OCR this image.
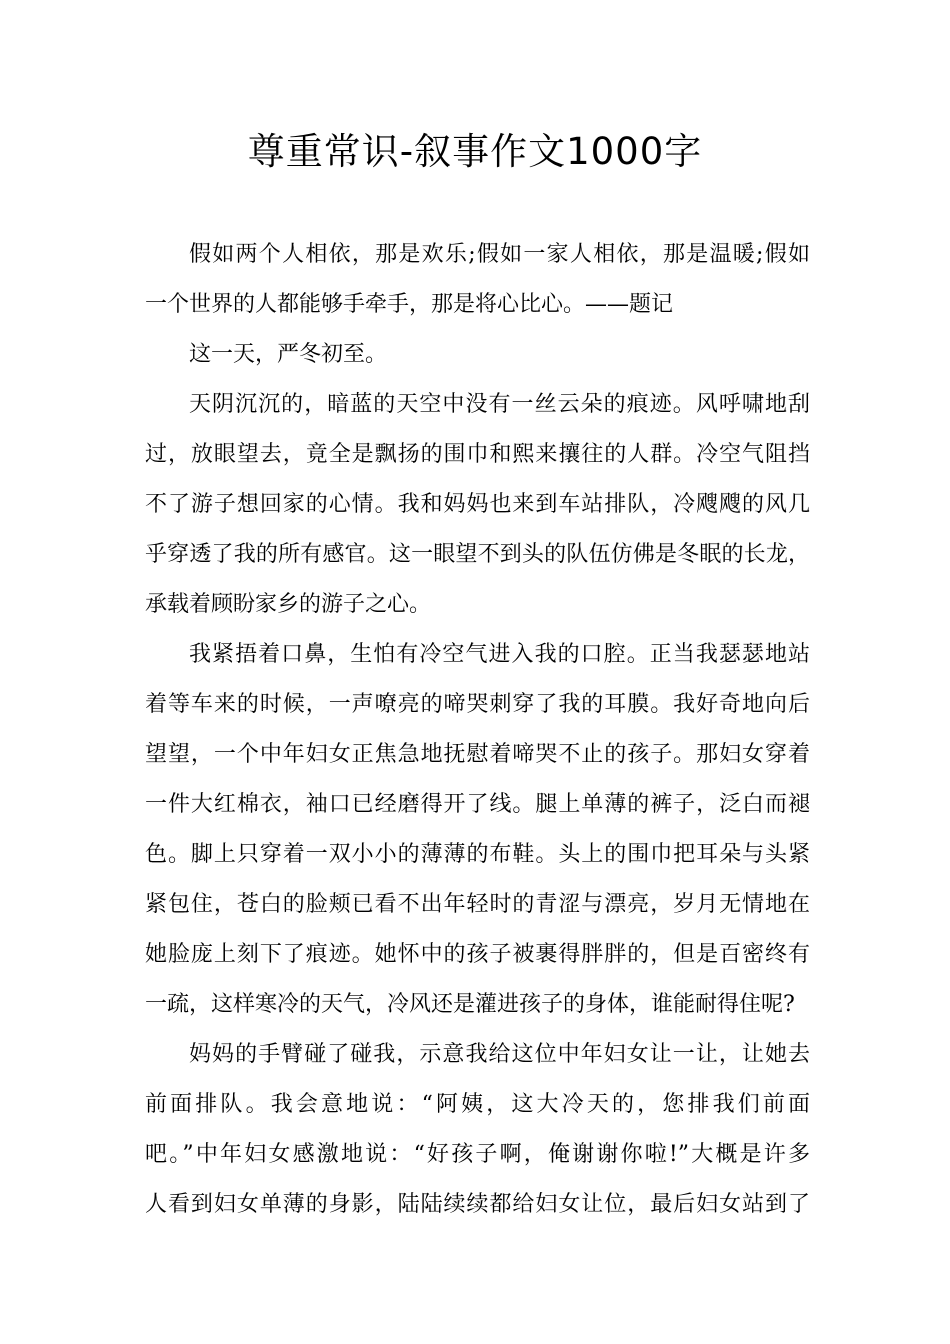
尊重常识-叙事作文1000字
假如两个人相依，那是欢乐;假如一家人相依，那是温暖;假如
一个世界的人都能够手牵手，那是将心比心。——题记
这一天，严冬初至。
天阴沉沉的，暗蓝的天空中没有一丝云朵的痕迹。风呼啸地刮
过，放眼望去，竟全是飘扬的围巾和熙来攘往的人群。冷空气阻挡
不了游子想回家的心情。我和妈妈也来到车站排队，冷飕飕的风几
乎穿透了我的所有感官。这一眼望不到头的队伍仿佛是冬眠的长龙，
承载着顾盼家乡的游子之心。
我紧捂着口鼻，生怕有冷空气进入我的口腔。正当我瑟瑟地站
着等车来的时候，一声嘹亮的啼哭刺穿了我的耳膜。我好奇地向后
望望，一个中年妇女正焦急地抚慰着啼哭不止的孩子。那妇女穿着
一件大红棉衣，袖口已经磨得开了线。腿上单薄的裤子，泛白而褪
色。脚上只穿着一双小小的薄薄的布鞋。头上的围巾把耳朵与头紧
紧包住，苍白的脸颊已看不出年轻时的青涩与漂亮，岁月无情地在
她脸庞上刻下了痕迹。她怀中的孩子被裹得胖胖的，但是百密终有
一疏，这样寒冷的天气，冷风还是灌进孩子的身体，谁能耐得住呢?
妈妈的手臂碰了碰我，示意我给这位中年妇女让一让，让她去
前面排队。我会意地说：“阿姨，这大冷天的，您排我们前面
吧。”中年妇女感激地说：“好孩子啊，俺谢谢你啦!”大概是许多
人看到妇女单薄的身影，陆陆续续都给妇女让位，最后妇女站到了
